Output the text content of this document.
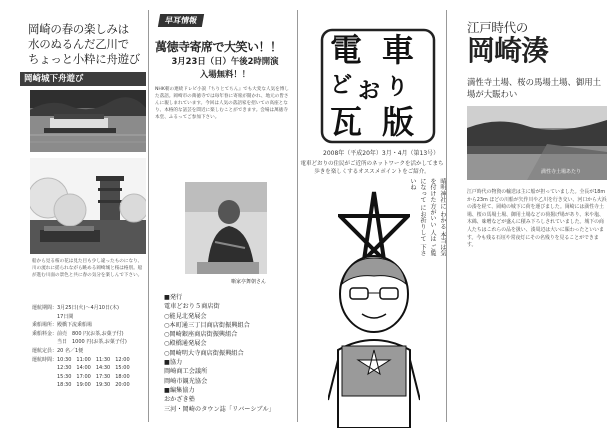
岡崎の春の楽しみは
水のぬるんだ乙川で
ちょっと小粋に舟遊び
岡崎城下舟遊び
船から見る桜の花は見た目も少し違ったものになり、川の流れに揺られながら眺める岡崎城と桜は格別。船が進む川面の景色と共に春の気分を楽しんで下さい。
運航期間：3月25日(火)〜4月10日(木)
　　　　　17日間
乗船場所：殿橋下流乗船場
乗船料金：前売　800 円(お茶,お菓子付)
　　　　　当日　1000 円(お茶,お菓子付)
運航定員：20 名／1便
運航時間：10:30　11:00　11:30　12:00
　　　　　12:30　14:00　14:30　15:00
　　　　　15:30　17:00　17:30　18:00
　　　　　18:30　19:00　19:30　20:00
早耳情報
萬徳寺寄席で大笑い！！
3月23日（日）午後2時開演
入場無料！！
NHK朝の連続ドレビ小説『ちりとてちん』でも大変な人気を博した落語。岡崎市の萬徳寺では毎年春に寄席が開かれ、地元の皆さんに親しまれています。今回は人気の落語家を招いての高座となり、本格的な話芸を間近に楽しむことができます。会場は萬徳寺本堂、ふるってご参加下さい。
噺家亭舞朝さん
■発行
電車どおり５商店街
○能見北発展会
○本町通三丁目商店街振興組合
○岡崎銀座商店街振興組合
○殿橋通発展会
○岡崎明大寺商店街振興組合
■協力
岡崎商工会議所
岡崎市観光協会
■編集協力
おかざき塾
三河・岡崎のタウン誌「リバーシブル」
電 車
ど お り
瓦 版
2008年（平成20年）3月・4月（第13号）
電車どおりの住民がご近所のネットワークを活かしてまち歩きを楽しくするオススメポイントをご紹介。
晴明神社に わかる 本当は気を付けた方がいい 人は ご覧になって にお祈りして 下さいね
江戸時代の
岡崎湊
満性寺土場、桜の馬場土場、御用土場が大賑わい
満性寺土場あたり
江戸時代の物資の輸送は主に船が担っていました。全長が18m から23m ほどの川船が矢作川や乙川を行き交い、河口から大浜の湊を経て、岡崎の城下に荷を運びました。岡崎には満性寺土場、桜の馬場土場、御用土場などの荷揚げ場があり、米や塩、木綿、味噌などが盛んに積み下ろしされていました。城下の商人たちはこれらの品を扱い、湊周辺は大いに賑わったといいます。今も残る石垣や常夜灯にその名残りを見ることができます。
